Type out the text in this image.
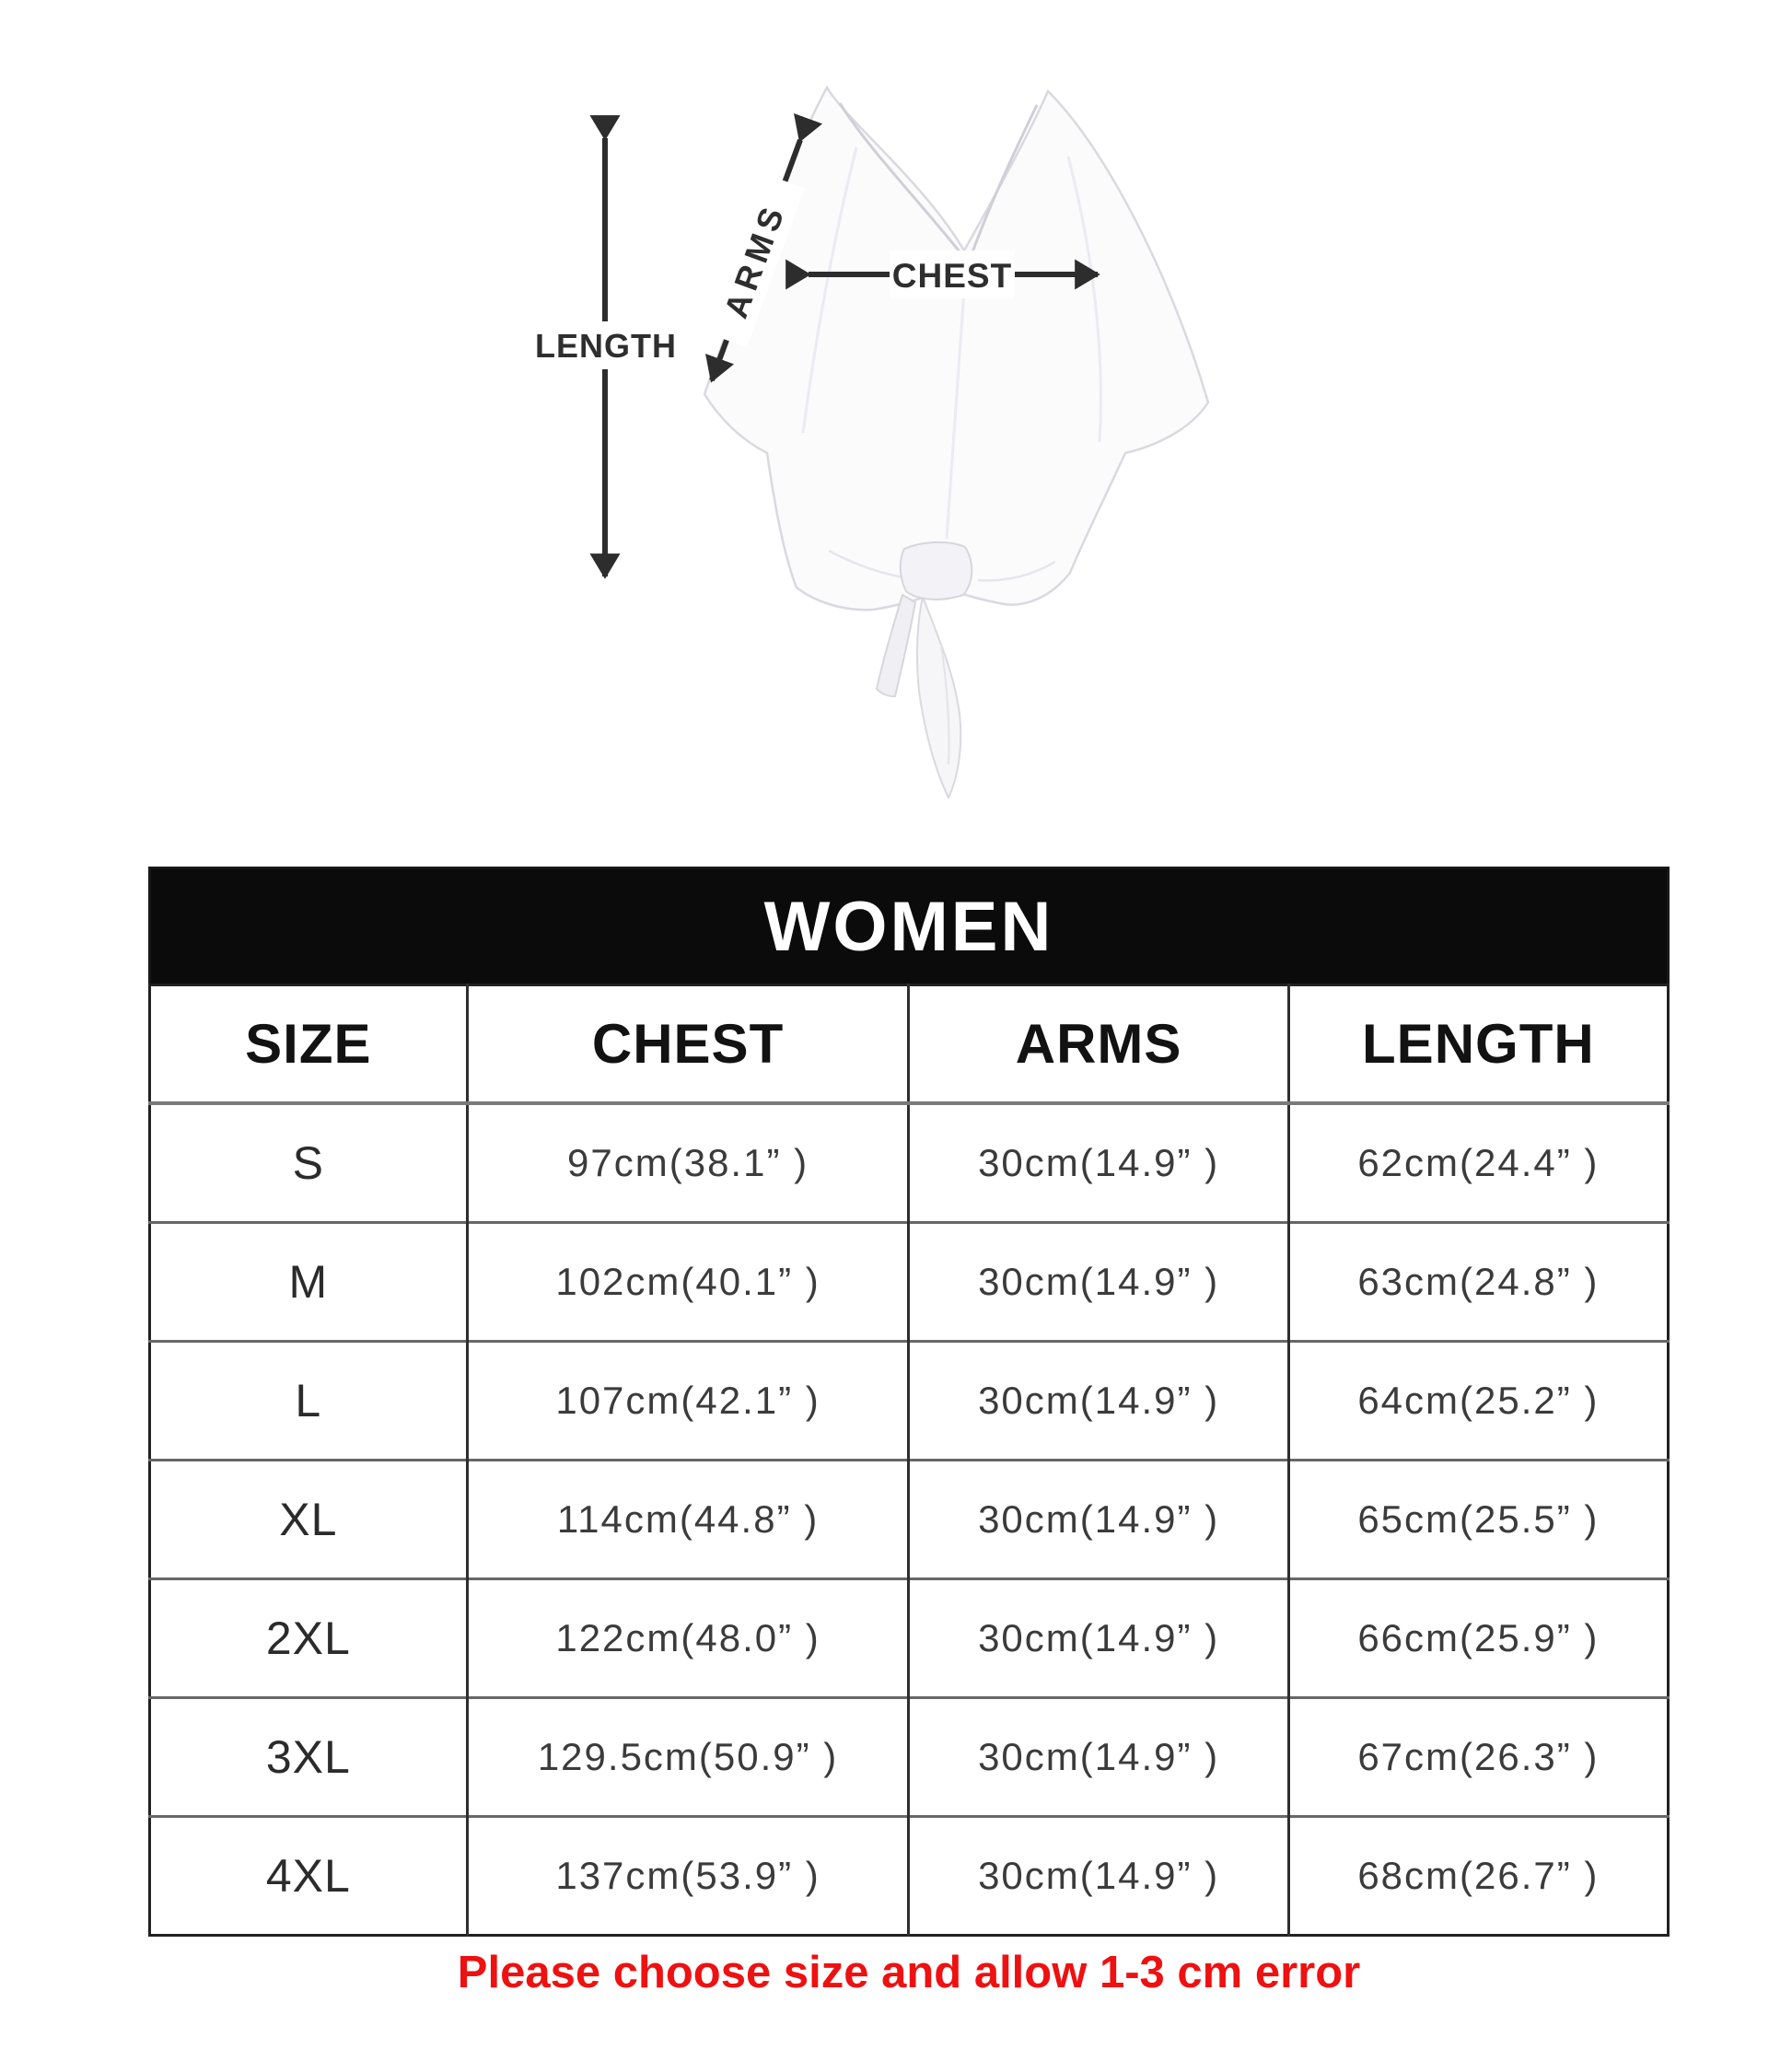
LENGTH
ARMS	CHEST
WOMEN
SIZE	CHEST	ARMS	LENGTH
S	97cm(38.1” )	30cm(14.9” )	62cm(24.4” )
M	102cm(40.1” )	30cm(14.9” )	63cm(24.8” )
L	107cm(42.1” )	30cm(14.9” )	64cm(25.2” )
XL	114cm(44.8” )	30cm(14.9” )	65cm(25.5” )
2XL	122cm(48.0” )	30cm(14.9” )	66cm(25.9” )
3XL	129.5cm(50.9” )	30cm(14.9” )	67cm(26.3” )
4XL	137cm(53.9” )	30cm(14.9” )	68cm(26.7” )
Please choose size and allow 1-3 cm error
